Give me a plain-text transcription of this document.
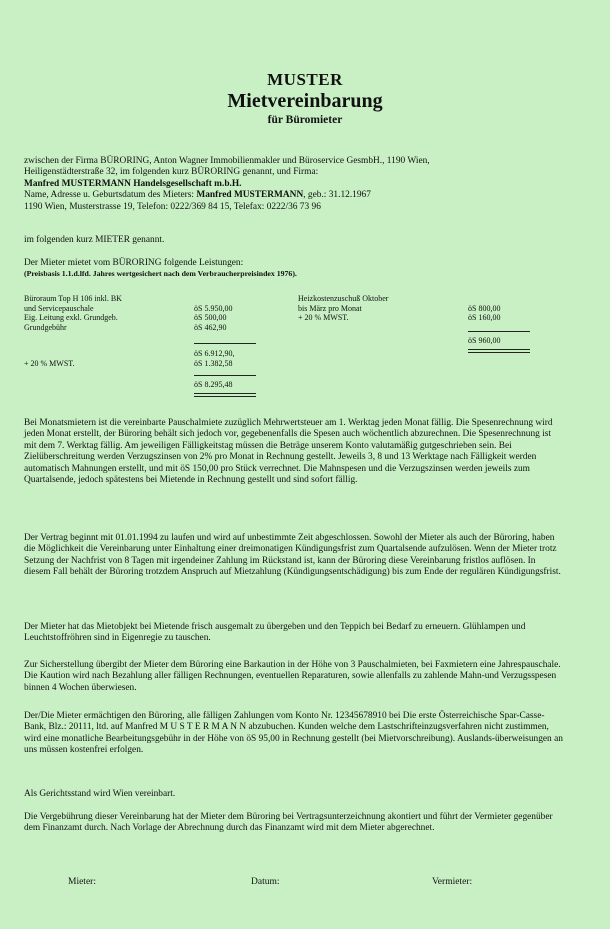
MUSTER
Mietvereinbarung
für Büromieter

zwischen der Firma BÜRORING, Anton Wagner Immobilienmakler und Büroservice GesmbH., 1190 Wien,

Heiligenstädterstraße 32, im folgenden kurz BÜRORING genannt, und Firma:

Manfred MUSTERMANN Handelsgesellschaft m.b.H.

Name, Adresse u. Geburtsdatum des Mieters: Manfred MUSTERMANN, geb.: 31.12.1967

1190 Wien, Musterstrasse 19, Telefon: 0222/369 84 15, Telefax: 0222/36 73 96

im folgenden kurz MIETER genannt.

Der Mieter mietet vom BÜRORING folgende Leistungen:

(Preisbasis 1.1.d.lfd. Jahres wertgesichert nach dem Verbraucherpreisindex 1976).

Büroraum Top H 106 inkl. BK
und Servicepauschale	öS 5.950,00
Eig. Leitung exkl. Grundgeb.	öS 500,00
Grundgebühr	öS 462,90
öS 6.912,90,
+ 20 % MWST.	öS 1.382,58
öS 8.295,48
Heizkostenzuschuß Oktober
bis März pro Monat	öS 800,00
+ 20 % MWST.	öS 160,00
öS 960,00
Bei Monatsmietern ist die vereinbarte Pauschalmiete zuzüglich Mehrwertsteuer am 1. Werktag jeden Monat fällig. Die Spesenrechnung wird jeden Monat erstellt, der Büroring behält sich jedoch vor, gegebenenfalls die Spesen auch wöchentlich abzurechnen. Die Spesenrechnung ist mit dem 7. Werktag fällig. Am jeweiligen Fälligkeitstag müssen die Beträge unserem Konto valutamäßig gutgeschrieben sein. Bei Zielüberschreitung werden Verzugszinsen von 2% pro Monat in Rechnung gestellt. Jeweils 3, 8 und 13 Werktage nach Fälligkeit werden automatisch Mahnungen erstellt, und mit öS 150,00 pro Stück verrechnet. Die Mahnspesen und die Verzugszinsen werden jeweils zum Quartalsende, jedoch spätestens bei Mietende in Rechnung gestellt und sind sofort fällig.
Der Vertrag beginnt mit 01.01.1994 zu laufen und wird auf unbestimmte Zeit abgeschlossen. Sowohl der Mieter als auch der Büroring, haben die Möglichkeit die Vereinbarung unter Einhaltung einer dreimonatigen Kündigungsfrist zum Quartalsende aufzulösen. Wenn der Mieter trotz Setzung der Nachfrist von 8 Tagen mit irgendeiner Zahlung im Rückstand ist, kann der Büroring diese Vereinbarung fristlos auflösen. In diesem Fall behält der Büroring trotzdem Anspruch auf Mietzahlung (Kündigungsentschädigung) bis zum Ende der regulären Kündigungsfrist.
Der Mieter hat das Mietobjekt bei Mietende frisch ausgemalt zu übergeben und den Teppich bei Bedarf zu erneuern. Glühlampen und Leuchtstoffröhren sind in Eigenregie zu tauschen.
Zur Sicherstellung übergibt der Mieter dem Büroring eine Barkaution in der Höhe von 3 Pauschalmieten, bei Faxmietern eine Jahrespauschale. Die Kaution wird nach Bezahlung aller fälligen Rechnungen, eventuellen Reparaturen, sowie allenfalls zu zahlende Mahn-und Verzugsspesen binnen 4 Wochen überwiesen.
Der/Die Mieter ermächtigen den Büroring, alle fälligen Zahlungen vom Konto Nr. 12345678910 bei Die erste Österreichische Spar-Casse-Bank, Blz.: 20111, ltd. auf Manfred M U S T E R M A N N abzubuchen. Kunden welche dem Lastschrifteinzugsverfahren nicht zustimmen, wird eine monatliche Bearbeitungsgebühr in der Höhe von öS 95,00 in Rechnung gestellt (bei Mietvorschreibung). Auslands-überweisungen an uns müssen kostenfrei erfolgen.
Als Gerichtsstand wird Wien vereinbart.
Die Vergebührung dieser Vereinbarung hat der Mieter dem Büroring bei Vertragsunterzeichnung akontiert und führt der Vermieter gegenüber dem Finanzamt durch. Nach Vorlage der Abrechnung durch das Finanzamt wird mit dem Mieter abgerechnet.
Mieter:	Datum:	Vermieter:
